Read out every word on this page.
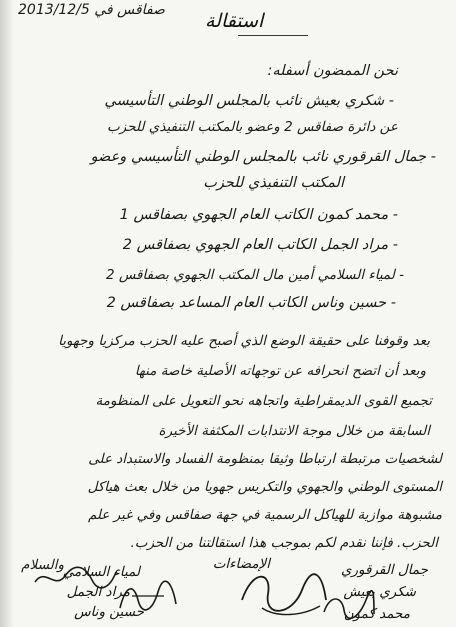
صفاقس في 2013/12/5 استقالة
نحن الممضون أسفله:
- شكري بعيش نائب بالمجلس الوطني التأسيسي
عن دائرة صفاقس 2 وعضو بالمكتب التنفيذي للحزب
- جمال القرقوري نائب بالمجلس الوطني التأسيسي وعضو
المكتب التنفيذي للحزب
- محمد كمون الكاتب العام الجهوي بصفاقس 1
- مراد الجمل الكاتب العام الجهوي بصفاقس 2
- لمياء السلامي أمين مال المكتب الجهوي بصفاقس 2
- حسين وناس الكاتب العام المساعد بصفاقس 2
بعد وقوفنا على حقيقة الوضع الذي أصبح عليه الحزب مركزيا وجهويا
وبعد أن اتضح انحرافه عن توجهاته الأصلية خاصة منها
تجميع القوى الديمقراطية واتجاهه نحو التعويل على المنظومة
السابقة من خلال موجة الانتدابات المكثفة الأخيرة
لشخصيات مرتبطة ارتباطا وثيقا بمنظومة الفساد والاستبداد على
المستوى الوطني والجهوي والتكريس جهويا من خلال بعث هياكل
مشبوهة موازية للهياكل الرسمية في جهة صفاقس وفي غير علم
الحزب. فإننا نقدم لكم بموجب هذا استقالتنا من الحزب.
والسلام	الإمضاءات	جمال القرقوري
شكري بعيش
محمد كمون
لمياء السلامي
مراد الجمل
حسين وناس
